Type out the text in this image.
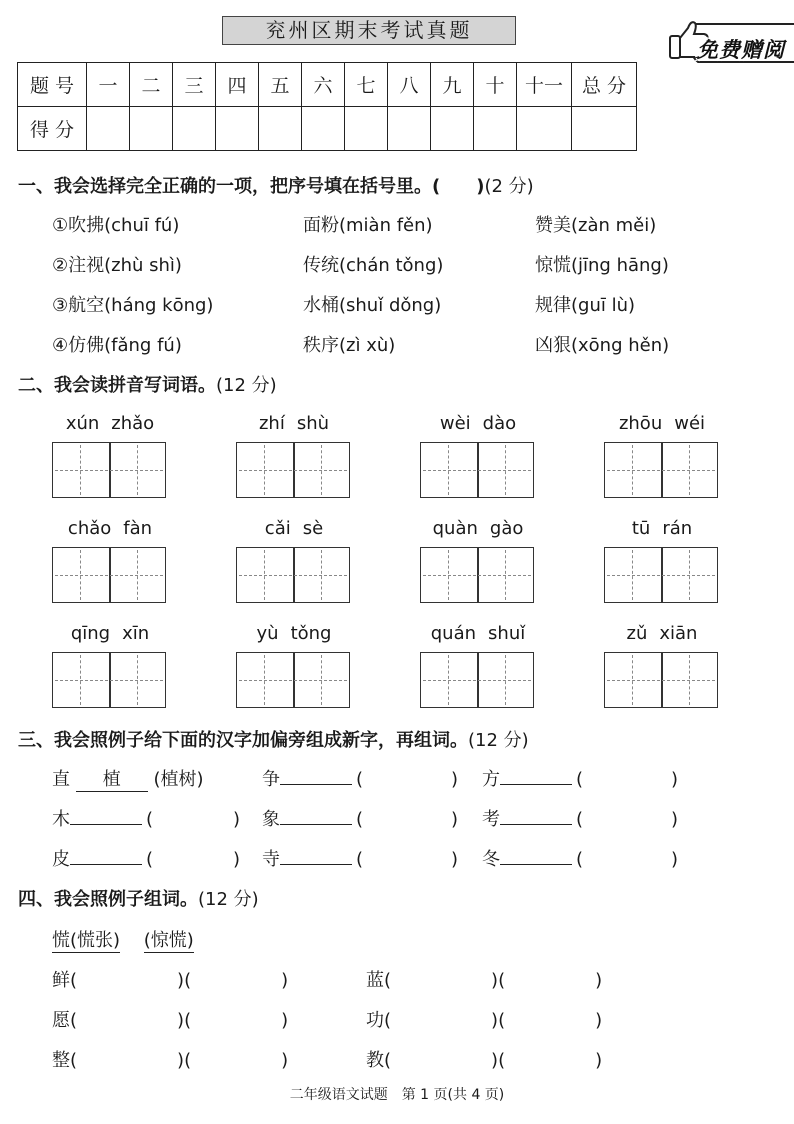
兖州区期末考试真题
免费赠阅
题 号	一	二	三	四	五	六	七	八	九	十	十一	总 分
得 分												
一、我会选择完全正确的一项，把序号填在括号里。(　　)(2 分)
①吹拂(chuī fú)	面粉(miàn fěn)	赞美(zàn měi)
②注视(zhù shì)	传统(chán tǒng)	惊慌(jīng hāng)
③航空(háng kōng)	水桶(shuǐ dǒng)	规律(guī lù)
④仿佛(fǎng fú)	秩序(zì xù)	凶狠(xōng hěn)
二、我会读拼音写词语。(12 分)
xún zhǎo	zhí shù	wèi dào	zhōu wéi
chǎo fàn	cǎi sè	quàn gào	tū rán
qīng xīn	yù tǒng	quán shuǐ	zǔ xiān
三、我会照例子给下面的汉字加偏旁组成新字，再组词。(12 分)
直 植 (植树)	争	(	) 方	(	)
木	(	) 象	(	) 考	(	)
皮	(	) 寺	(	) 冬	(	)
四、我会照例子组词。(12 分)
慌(慌张) (惊慌)
鲜(	)(	)	蓝(	)(	)
愿(	)(	)	功(	)(	)
整(	)(	)	教(	)(	)
二年级语文试题　第 1 页(共 4 页)
